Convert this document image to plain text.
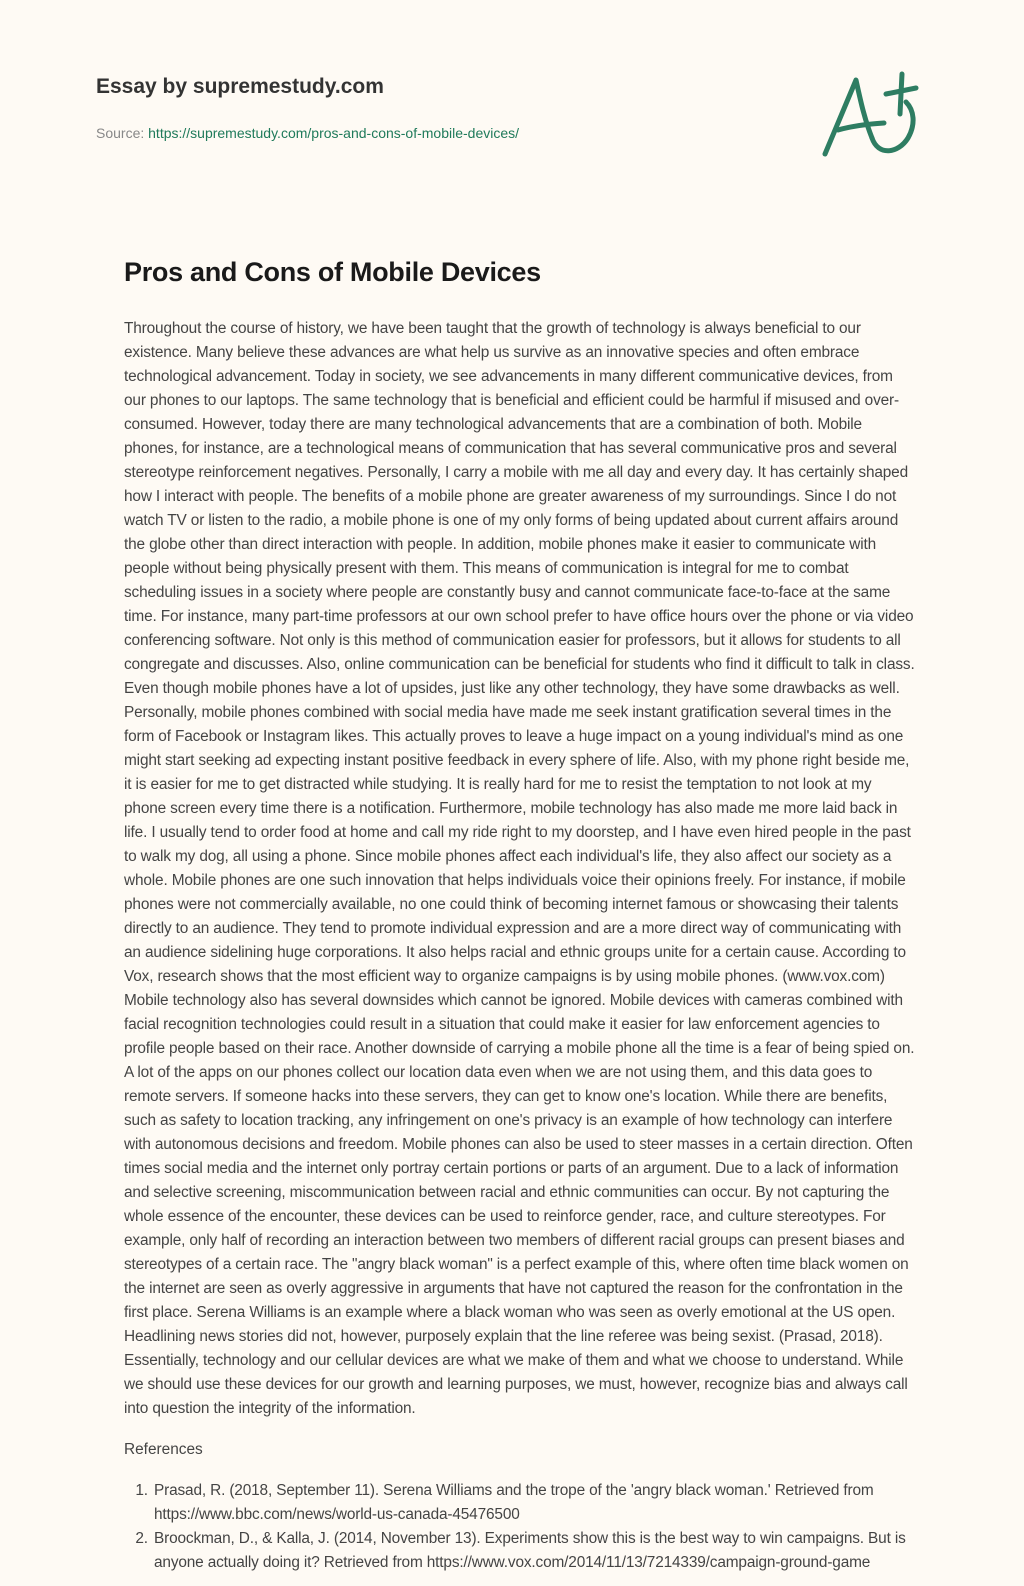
Essay by supremestudy.com
Source: https://supremestudy.com/pros-and-cons-of-mobile-devices/
Pros and Cons of Mobile Devices

Throughout the course of history, we have been taught that the growth of technology is always beneficial to our existence. Many believe these advances are what help us survive as an innovative species and often embrace technological advancement. Today in society, we see advancements in many different communicative devices, from our phones to our laptops. The same technology that is beneficial and efficient could be harmful if misused and over-consumed. However, today there are many technological advancements that are a combination of both. Mobile phones, for instance, are a technological means of communication that has several communicative pros and several stereotype reinforcement negatives. Personally, I carry a mobile with me all day and every day. It has certainly shaped how I interact with people. The benefits of a mobile phone are greater awareness of my surroundings. Since I do not watch TV or listen to the radio, a mobile phone is one of my only forms of being updated about current affairs around the globe other than direct interaction with people. In addition, mobile phones make it easier to communicate with people without being physically present with them. This means of communication is integral for me to combat scheduling issues in a society where people are constantly busy and cannot communicate face-to-face at the same time. For instance, many part-time professors at our own school prefer to have office hours over the phone or via video conferencing software. Not only is this method of communication easier for professors, but it allows for students to all congregate and discusses. Also, online communication can be beneficial for students who find it difficult to talk in class. Even though mobile phones have a lot of upsides, just like any other technology, they have some drawbacks as well. Personally, mobile phones combined with social media have made me seek instant gratification several times in the form of Facebook or Instagram likes. This actually proves to leave a huge impact on a young individual's mind as one might start seeking ad expecting instant positive feedback in every sphere of life. Also, with my phone right beside me, it is easier for me to get distracted while studying. It is really hard for me to resist the temptation to not look at my phone screen every time there is a notification. Furthermore, mobile technology has also made me more laid back in life. I usually tend to order food at home and call my ride right to my doorstep, and I have even hired people in the past to walk my dog, all using a phone. Since mobile phones affect each individual's life, they also affect our society as a whole. Mobile phones are one such innovation that helps individuals voice their opinions freely. For instance, if mobile phones were not commercially available, no one could think of becoming internet famous or showcasing their talents directly to an audience. They tend to promote individual expression and are a more direct way of communicating with an audience sidelining huge corporations. It also helps racial and ethnic groups unite for a certain cause. According to Vox, research shows that the most efficient way to organize campaigns is by using mobile phones. (www.vox.com) Mobile technology also has several downsides which cannot be ignored. Mobile devices with cameras combined with facial recognition technologies could result in a situation that could make it easier for law enforcement agencies to profile people based on their race. Another downside of carrying a mobile phone all the time is a fear of being spied on. A lot of the apps on our phones collect our location data even when we are not using them, and this data goes to remote servers. If someone hacks into these servers, they can get to know one's location. While there are benefits, such as safety to location tracking, any infringement on one's privacy is an example of how technology can interfere with autonomous decisions and freedom. Mobile phones can also be used to steer masses in a certain direction. Often times social media and the internet only portray certain portions or parts of an argument. Due to a lack of information and selective screening, miscommunication between racial and ethnic communities can occur. By not capturing the whole essence of the encounter, these devices can be used to reinforce gender, race, and culture stereotypes. For example, only half of recording an interaction between two members of different racial groups can present biases and stereotypes of a certain race. The "angry black woman" is a perfect example of this, where often time black women on the internet are seen as overly aggressive in arguments that have not captured the reason for the confrontation in the first place. Serena Williams is an example where a black woman who was seen as overly emotional at the US open. Headlining news stories did not, however, purposely explain that the line referee was being sexist. (Prasad, 2018). Essentially, technology and our cellular devices are what we make of them and what we choose to understand. While we should use these devices for our growth and learning purposes, we must, however, recognize bias and always call into question the integrity of the information.

References
1. Prasad, R. (2018, September 11). Serena Williams and the trope of the 'angry black woman.' Retrieved from https://www.bbc.com/news/world-us-canada-45476500
2. Broockman, D., & Kalla, J. (2014, November 13). Experiments show this is the best way to win campaigns. But is anyone actually doing it? Retrieved from https://www.vox.com/2014/11/13/7214339/campaign-ground-game
